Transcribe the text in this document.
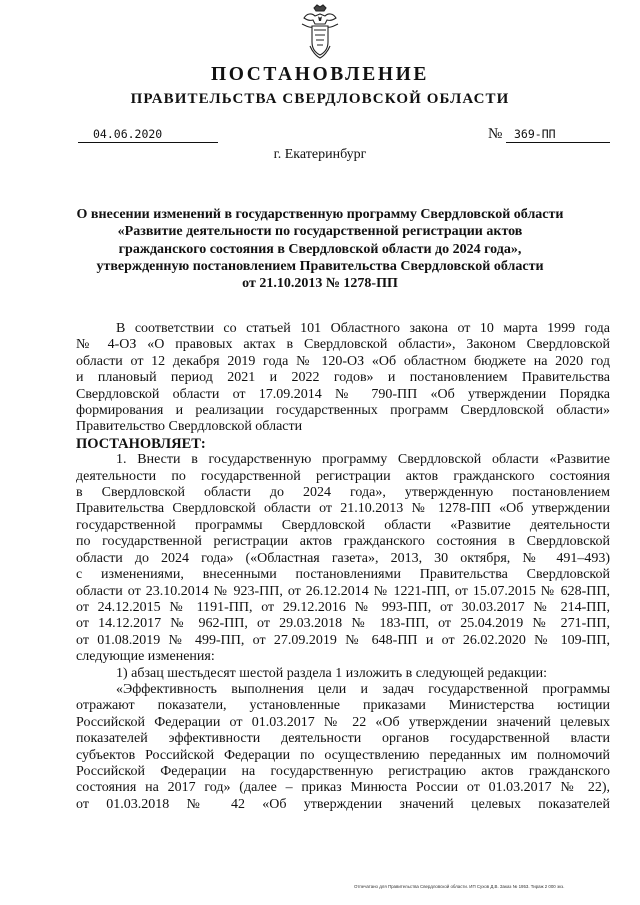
ПОСТАНОВЛЕНИЕ
ПРАВИТЕЛЬСТВА СВЕРДЛОВСКОЙ ОБЛАСТИ
04.06.2020	№	369-ПП
г. Екатеринбург
О внесении изменений в государственную программу Свердловской области
«Развитие деятельности по государственной регистрации актов
гражданского состояния в Свердловской области до 2024 года»,
утвержденную постановлением Правительства Свердловской области
от 21.10.2013 № 1278-ПП
В соответствии со статьей 101 Областного закона от 10 марта 1999 года
№ 4-ОЗ «О правовых актах в Свердловской области», Законом Свердловской
области от 12 декабря 2019 года № 120-ОЗ «Об областном бюджете на 2020 год
и плановый период 2021 и 2022 годов» и постановлением Правительства
Свердловской области от 17.09.2014 № 790-ПП «Об утверждении Порядка
формирования и реализации государственных программ Свердловской области»
Правительство Свердловской области
ПОСТАНОВЛЯЕТ:
1. Внести в государственную программу Свердловской области «Развитие
деятельности по государственной регистрации актов гражданского состояния
в Свердловской области до 2024 года», утвержденную постановлением
Правительства Свердловской области от 21.10.2013 № 1278-ПП «Об утверждении
государственной программы Свердловской области «Развитие деятельности
по государственной регистрации актов гражданского состояния в Свердловской
области до 2024 года» («Областная газета», 2013, 30 октября, № 491–493)
с изменениями, внесенными постановлениями Правительства Свердловской
области от 23.10.2014 № 923-ПП, от 26.12.2014 № 1221-ПП, от 15.07.2015 № 628-ПП,
от 24.12.2015 № 1191-ПП, от 29.12.2016 № 993-ПП, от 30.03.2017 № 214-ПП,
от 14.12.2017 № 962-ПП, от 29.03.2018 № 183-ПП, от 25.04.2019 № 271-ПП,
от 01.08.2019 № 499-ПП, от 27.09.2019 № 648-ПП и от 26.02.2020 № 109-ПП,
следующие изменения:
1) абзац шестьдесят шестой раздела 1 изложить в следующей редакции:
«Эффективность выполнения цели и задач государственной программы
отражают показатели, установленные приказами Министерства юстиции
Российской Федерации от 01.03.2017 № 22 «Об утверждении значений целевых
показателей эффективности деятельности органов государственной власти
субъектов Российской Федерации по осуществлению переданных им полномочий
Российской Федерации на государственную регистрацию актов гражданского
состояния на 2017 год» (далее – приказ Минюста России от 01.03.2017 № 22),
от 01.03.2018 № 42 «Об утверждении значений целевых показателей
Отпечатано для Правительства Свердловской области. ИП Сухов Д.В. Заказ № 1953. Тираж 2 000 экз.
